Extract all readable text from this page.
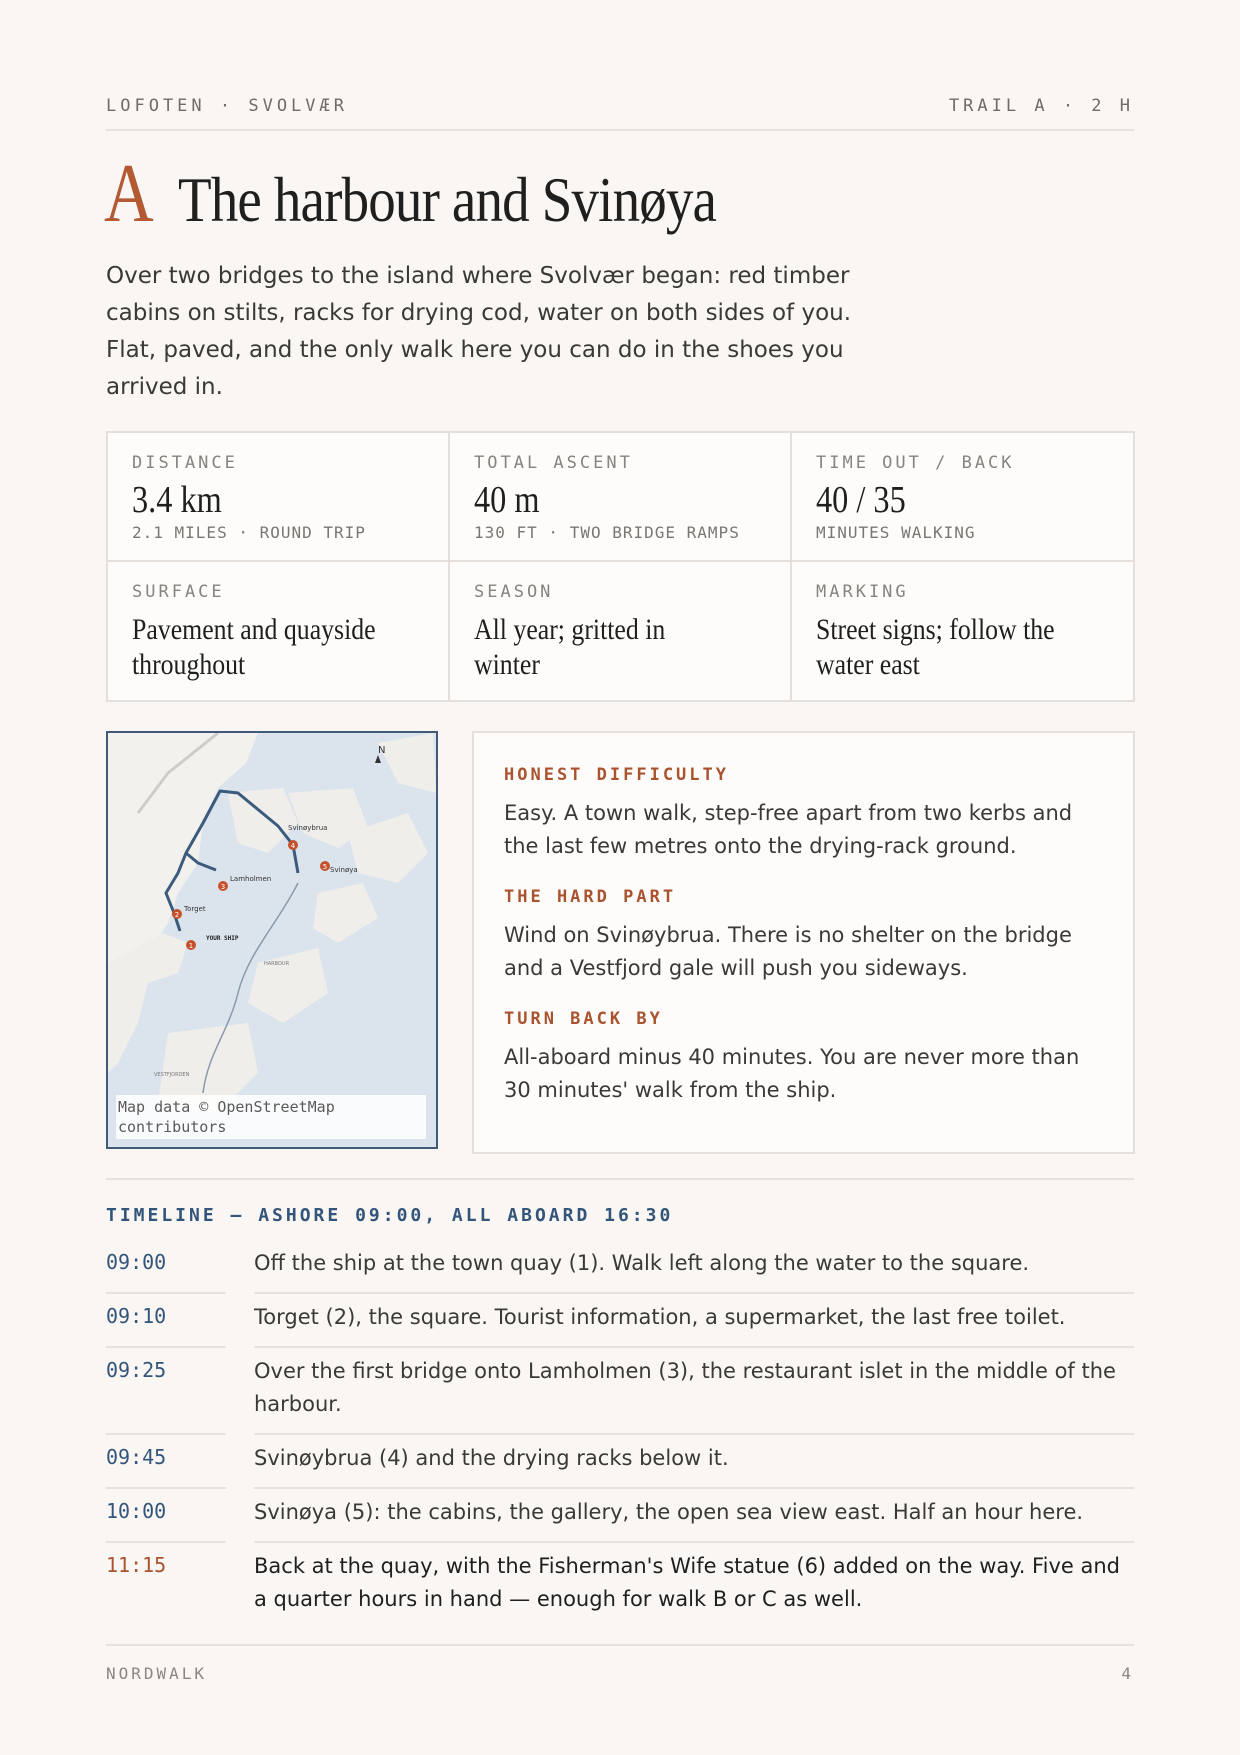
LOFOTEN · SVOLVÆR	TRAIL A · 2 H
A The harbour and Svinøya

Over two bridges to the island where Svolvær began: red timber cabins on stilts, racks for drying cod, water on both sides of you. Flat, paved, and the only walk here you can do in the shoes you arrived in.

DISTANCE
3.4 km
2.1 MILES · ROUND TRIP
TOTAL ASCENT
40 m
130 FT · TWO BRIDGE RAMPS
TIME OUT / BACK
40 / 35
MINUTES WALKING
SURFACE
Pavement and quayside throughout
SEASON
All year; gritted in winter
MARKING
Street signs; follow the water east
N
1
2
3
4
5
Svinøybrua
Svinøya
Lamholmen
Torget
YOUR SHIP
HARBOUR
VESTFJORDEN
Map data © OpenStreetMap contributors
HONEST DIFFICULTY
Easy. A town walk, step-free apart from two kerbs and the last few metres onto the drying-rack ground.
THE HARD PART
Wind on Svinøybrua. There is no shelter on the bridge and a Vestfjord gale will push you sideways.
TURN BACK BY
All-aboard minus 40 minutes. You are never more than 30 minutes' walk from the ship.
TIMELINE — ASHORE 09:00, ALL ABOARD 16:30
09:00	Off the ship at the town quay (1). Walk left along the water to the square.
09:10	Torget (2), the square. Tourist information, a supermarket, the last free toilet.
09:25	Over the first bridge onto Lamholmen (3), the restaurant islet in the middle of the harbour.
09:45	Svinøybrua (4) and the drying racks below it.
10:00	Svinøya (5): the cabins, the gallery, the open sea view east. Half an hour here.
11:15	Back at the quay, with the Fisherman's Wife statue (6) added on the way. Five and a quarter hours in hand — enough for walk B or C as well.
NORDWALK	4
